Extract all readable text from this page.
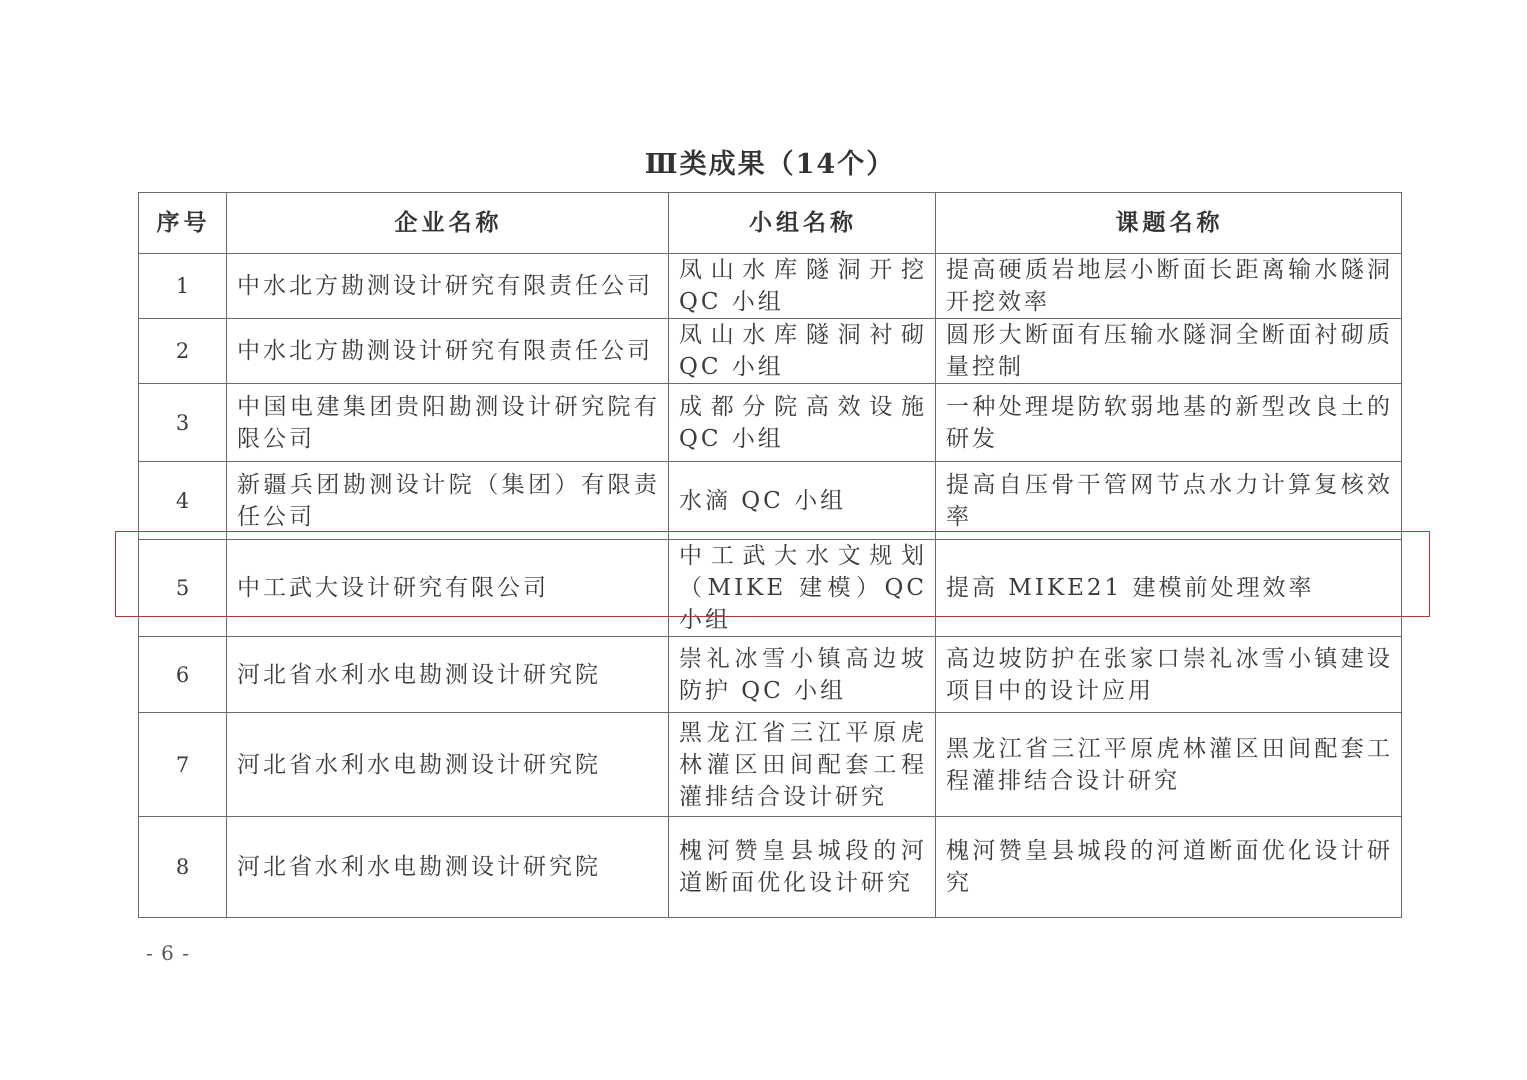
Ⅲ类成果（14个）
序号	企业名称	小组名称	课题名称
1	中水北方勘测设计研究有限责任公司	凤山水库隧洞开挖 QC 小组	提高硬质岩地层小断面长距离输水隧洞开挖效率
2	中水北方勘测设计研究有限责任公司	凤山水库隧洞衬砌 QC 小组	圆形大断面有压输水隧洞全断面衬砌质量控制
3	中国电建集团贵阳勘测设计研究院有限公司	成都分院高效设施 QC 小组	一种处理堤防软弱地基的新型改良土的研发
4	新疆兵团勘测设计院（集团）有限责任公司	水滴 QC 小组	提高自压骨干管网节点水力计算复核效率
5	中工武大设计研究有限公司	中工武大水文规划（MIKE 建模）QC 小组	提高 MIKE21 建模前处理效率
6	河北省水利水电勘测设计研究院	崇礼冰雪小镇高边坡防护 QC 小组	高边坡防护在张家口崇礼冰雪小镇建设项目中的设计应用
7	河北省水利水电勘测设计研究院	黑龙江省三江平原虎林灌区田间配套工程灌排结合设计研究	黑龙江省三江平原虎林灌区田间配套工程灌排结合设计研究
8	河北省水利水电勘测设计研究院	槐河赞皇县城段的河道断面优化设计研究	槐河赞皇县城段的河道断面优化设计研究
- 6 -
